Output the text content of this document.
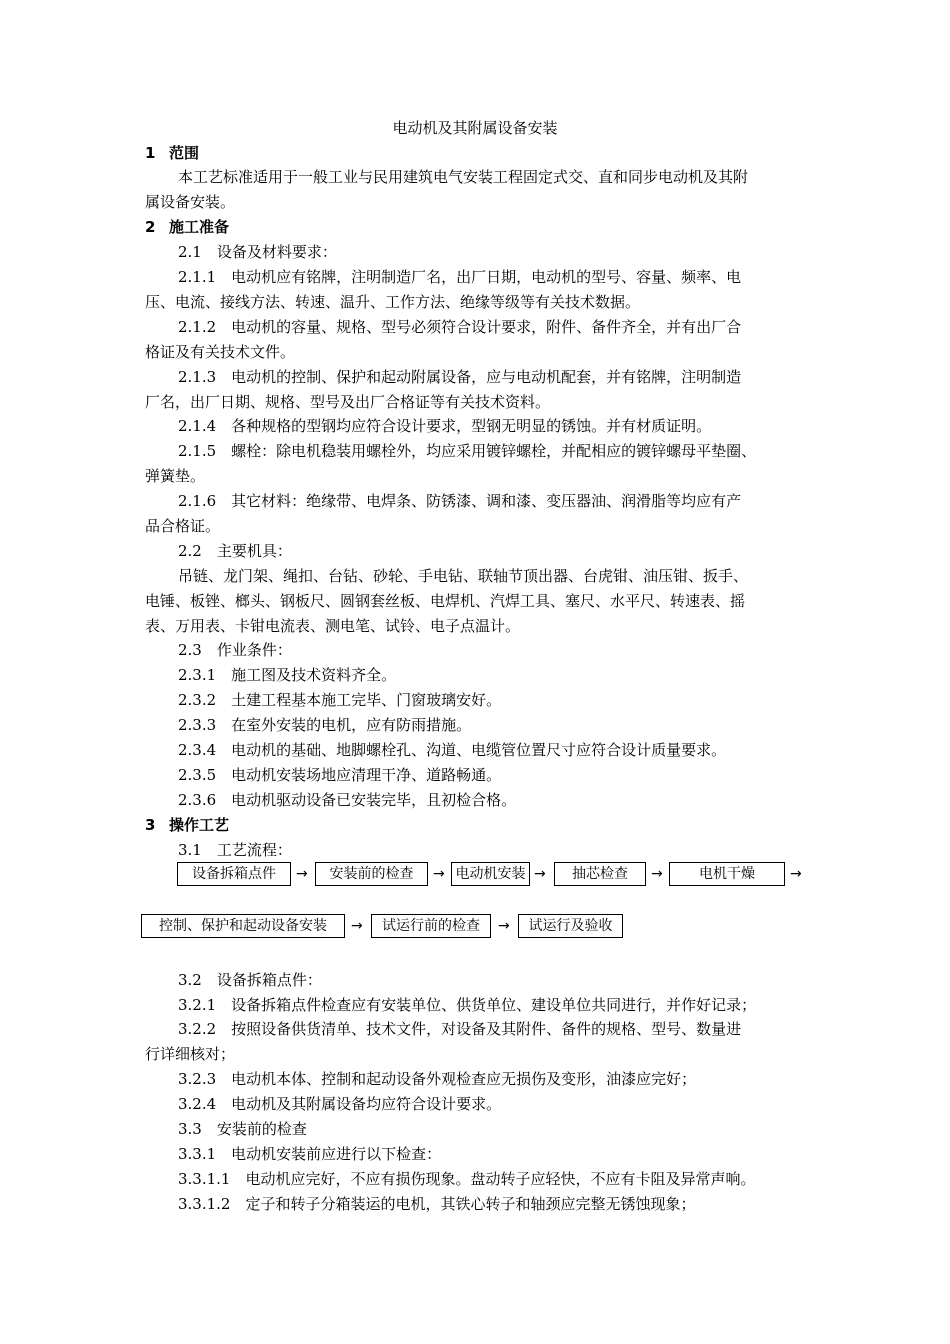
电动机及其附属设备安装
1 范围
本工艺标准适用于一般工业与民用建筑电气安装工程固定式交、直和同步电动机及其附
属设备安装。
2 施工准备
2.1　设备及材料要求：
2.1.1　电动机应有铭牌，注明制造厂名，出厂日期，电动机的型号、容量、频率、电
压、电流、接线方法、转速、温升、工作方法、绝缘等级等有关技术数据。
2.1.2　电动机的容量、规格、型号必须符合设计要求，附件、备件齐全，并有出厂合
格证及有关技术文件。
2.1.3　电动机的控制、保护和起动附属设备，应与电动机配套，并有铭牌，注明制造
厂名，出厂日期、规格、型号及出厂合格证等有关技术资料。
2.1.4　各种规格的型钢均应符合设计要求，型钢无明显的锈蚀。并有材质证明。
2.1.5　螺栓：除电机稳装用螺栓外，均应采用镀锌螺栓，并配相应的镀锌螺母平垫圈、
弹簧垫。
2.1.6　其它材料：绝缘带、电焊条、防锈漆、调和漆、变压器油、润滑脂等均应有产
品合格证。
2.2　主要机具：
吊链、龙门架、绳扣、台钻、砂轮、手电钻、联轴节顶出器、台虎钳、油压钳、扳手、
电锤、板锉、榔头、钢板尺、圆钢套丝板、电焊机、汽焊工具、塞尺、水平尺、转速表、摇
表、万用表、卡钳电流表、测电笔、试铃、电子点温计。
2.3　作业条件：
2.3.1　施工图及技术资料齐全。
2.3.2　土建工程基本施工完毕、门窗玻璃安好。
2.3.3　在室外安装的电机，应有防雨措施。
2.3.4　电动机的基础、地脚螺栓孔、沟道、电缆管位置尺寸应符合设计质量要求。
2.3.5　电动机安装场地应清理干净、道路畅通。
2.3.6　电动机驱动设备已安装完毕，且初检合格。
3 操作工艺
3.1　工艺流程：
设备拆箱点件	→	安装前的检查	→ 电动机安装 →	抽芯检查	→	电机干燥	→
控制、保护和起动设备安装	→	试运行前的检查	→	试运行及验收
3.2　设备拆箱点件：
3.2.1　设备拆箱点件检查应有安装单位、供货单位、建设单位共同进行，并作好记录；
3.2.2　按照设备供货清单、技术文件，对设备及其附件、备件的规格、型号、数量进
行详细核对；
3.2.3　电动机本体、控制和起动设备外观检查应无损伤及变形，油漆应完好；
3.2.4　电动机及其附属设备均应符合设计要求。
3.3　安装前的检查
3.3.1　电动机安装前应进行以下检查：
3.3.1.1　电动机应完好，不应有损伤现象。盘动转子应轻快，不应有卡阻及异常声响。
3.3.1.2　定子和转子分箱装运的电机，其铁心转子和轴颈应完整无锈蚀现象；
